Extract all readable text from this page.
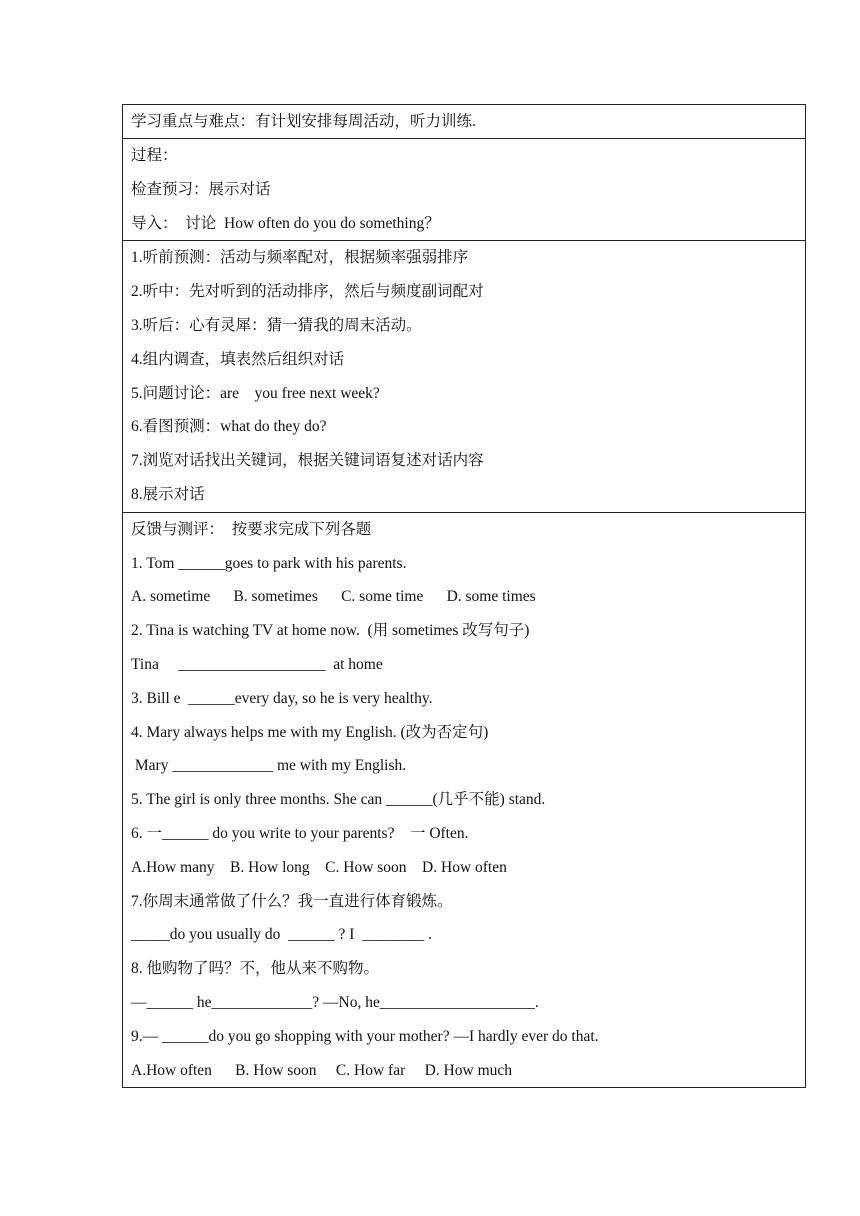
学习重点与难点：有计划安排每周活动，听力训练.
过程：
检查预习：展示对话
导入：  讨论  How often do you do something？
1.听前预测：活动与频率配对，根据频率强弱排序
2.听中：先对听到的活动排序，然后与频度副词配对
3.听后：心有灵犀：猜一猜我的周末活动。
4.组内调查，填表然后组织对话
5.问题讨论：are    you free next week?
6.看图预测：what do they do?
7.浏览对话找出关键词，根据关键词语复述对话内容
8.展示对话
反馈与测评：  按要求完成下列各题
1. Tom ______goes to park with his parents.
A. sometime      B. sometimes      C. some time      D. some times
2. Tina is watching TV at home now.  (用 sometimes 改写句子)
Tina     ___________________  at home
3. Bill e  ______every day, so he is very healthy.
4. Mary always helps me with my English. (改为否定句)
Mary _____________ me with my English.
5. The girl is only three months. She can ______(几乎不能) stand.
6. 一______ do you write to your parents?    一 Often.
A.How many    B. How long    C. How soon    D. How often
7.你周末通常做了什么？我一直进行体育锻炼。
_____do you usually do  ______ ? I  ________ .
8. 他购物了吗？不，他从来不购物。
—______ he_____________? —No, he____________________.
9.— ______do you go shopping with your mother? —I hardly ever do that.
A.How often      B. How soon     C. How far     D. How much
